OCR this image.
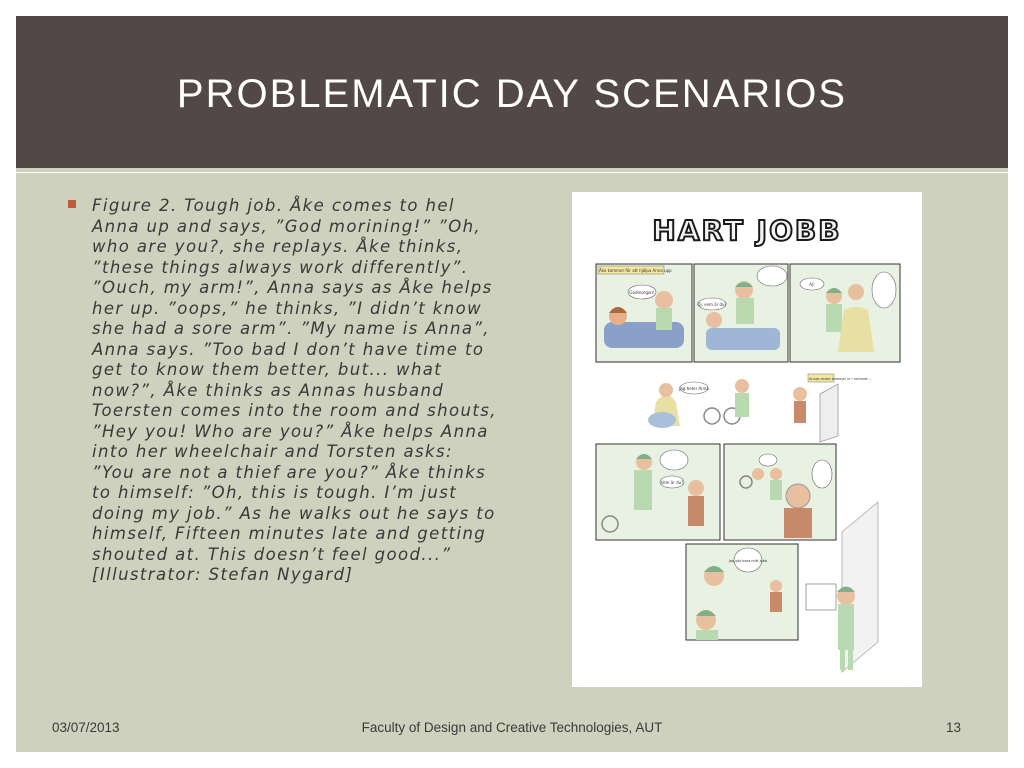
PROBLEMATIC DAY SCENARIOS

Figure 2. Tough job. Åke comes to hel Anna up and says, ”God morining!” ”Oh, who are you?, she replays. Åke thinks, ”these things always work differently”. ”Ouch, my arm!”, Anna says as Åke helps her up. ”oops,” he thinks, ”I didn’t know she had a sore arm”. ”My name is Anna”, Anna says. ”Too bad I don’t have time to get to know them better, but... what now?”, Åke thinks as Annas husband Toersten comes into the room and shouts, ”Hey you! Who are you?” Åke helps Anna into her wheelchair and Torsten asks: ”You are not a thief are you?” Åke thinks to himself: ”Oh, this is tough. I’m just doing my job.” As he walks out he says to himself, Fifteen minutes late and getting shouted at. This doesn’t feel good...” [Illustrator: Stefan Nygard]

HART JOBB
Åke kommer för att hjälpa Anna upp
Godmorgon!
Oj, vem är du?
Aj!
Annas make kommer in i rummet...
Jag heter Anna
Vem är du?
Jag gör bara mitt jobb
03/07/2013	Faculty of Design and Creative Technologies, AUT	13
